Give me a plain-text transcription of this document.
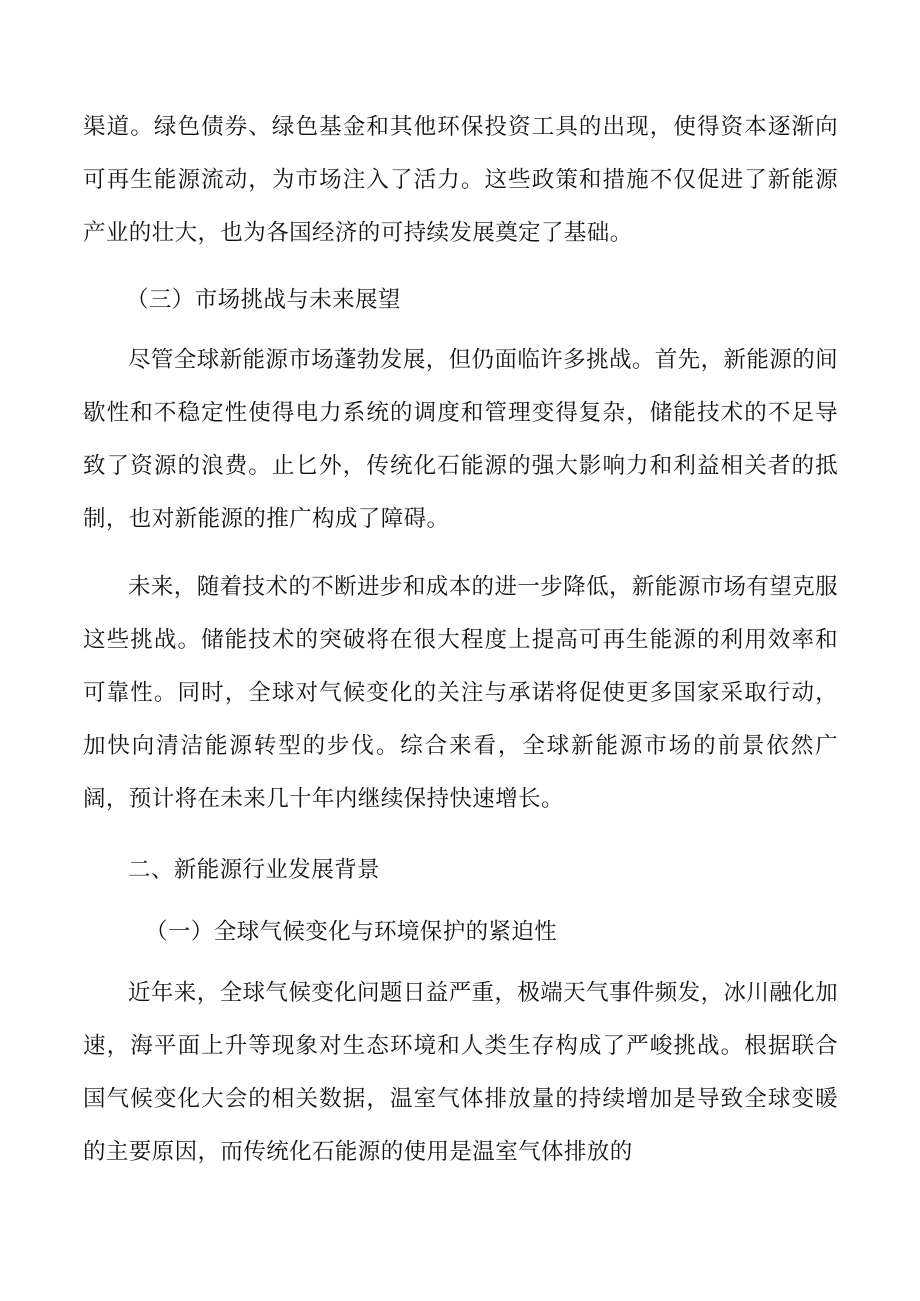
渠道。绿色债券、绿色基金和其他环保投资工具的出现，使得资本逐渐向可再生能源流动，为市场注入了活力。这些政策和措施不仅促进了新能源产业的壮大，也为各国经济的可持续发展奠定了基础。

（三）市场挑战与未来展望

尽管全球新能源市场蓬勃发展，但仍面临许多挑战。首先，新能源的间歇性和不稳定性使得电力系统的调度和管理变得复杂，储能技术的不足导致了资源的浪费。止匕外，传统化石能源的强大影响力和利益相关者的抵制，也对新能源的推广构成了障碍。

未来，随着技术的不断进步和成本的进一步降低，新能源市场有望克服这些挑战。储能技术的突破将在很大程度上提高可再生能源的利用效率和可靠性。同时，全球对气候变化的关注与承诺将促使更多国家采取行动，加快向清洁能源转型的步伐。综合来看，全球新能源市场的前景依然广阔，预计将在未来几十年内继续保持快速增长。

二、新能源行业发展背景
（一）全球气候变化与环境保护的紧迫性

近年来，全球气候变化问题日益严重，极端天气事件频发，冰川融化加速，海平面上升等现象对生态环境和人类生存构成了严峻挑战。根据联合国气候变化大会的相关数据，温室气体排放量的持续增加是导致全球变暖的主要原因，而传统化石能源的使用是温室气体排放的
